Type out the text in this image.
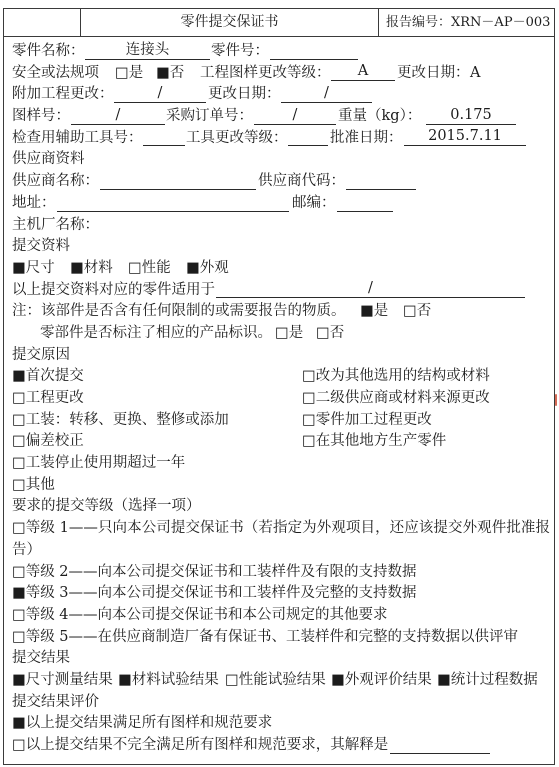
零件提交保证书	报告编号：XRN－AP－003
零件名称：	连接头	零件号：
安全或法规项 □是 ■否 工程图样更改等级：	A	更改日期： A
附加工程更改：	/	更改日期：	/
图样号：	/	采购订单号：	/	重量（kg）：	0.175
检查用辅助工具号：	工具更改等级：	批准日期：	2015.7.11
供应商资料
供应商名称：	供应商代码：
地址：	邮编：
主机厂名称：
提交资料
■尺寸 ■材料 □性能 ■外观
以上提交资料对应的零件适用于	/
注：该部件是否含有任何限制的或需要报告的物质。 ■是 □否
零部件是否标注了相应的产品标识。 □是 □否
提交原因
■首次提交	□改为其他选用的结构或材料
□工程更改	□二级供应商或材料来源更改
□工装：转移、更换、整修或添加	□零件加工过程更改
□偏差校正	□在其他地方生产零件
□工装停止使用期超过一年
□其他
要求的提交等级（选择一项）
□等级 1——只向本公司提交保证书（若指定为外观项目，还应该提交外观件批准报告）
□等级 2——向本公司提交保证书和工装样件及有限的支持数据
■等级 3——向本公司提交保证书和工装样件及完整的支持数据
□等级 4——向本公司提交保证书和本公司规定的其他要求
□等级 5——在供应商制造厂备有保证书、工装样件和完整的支持数据以供评审
提交结果
■尺寸测量结果 ■材料试验结果 □性能试验结果 ■外观评价结果 ■统计过程数据
提交结果评价
■以上提交结果满足所有图样和规范要求
□以上提交结果不完全满足所有图样和规范要求，其解释是
